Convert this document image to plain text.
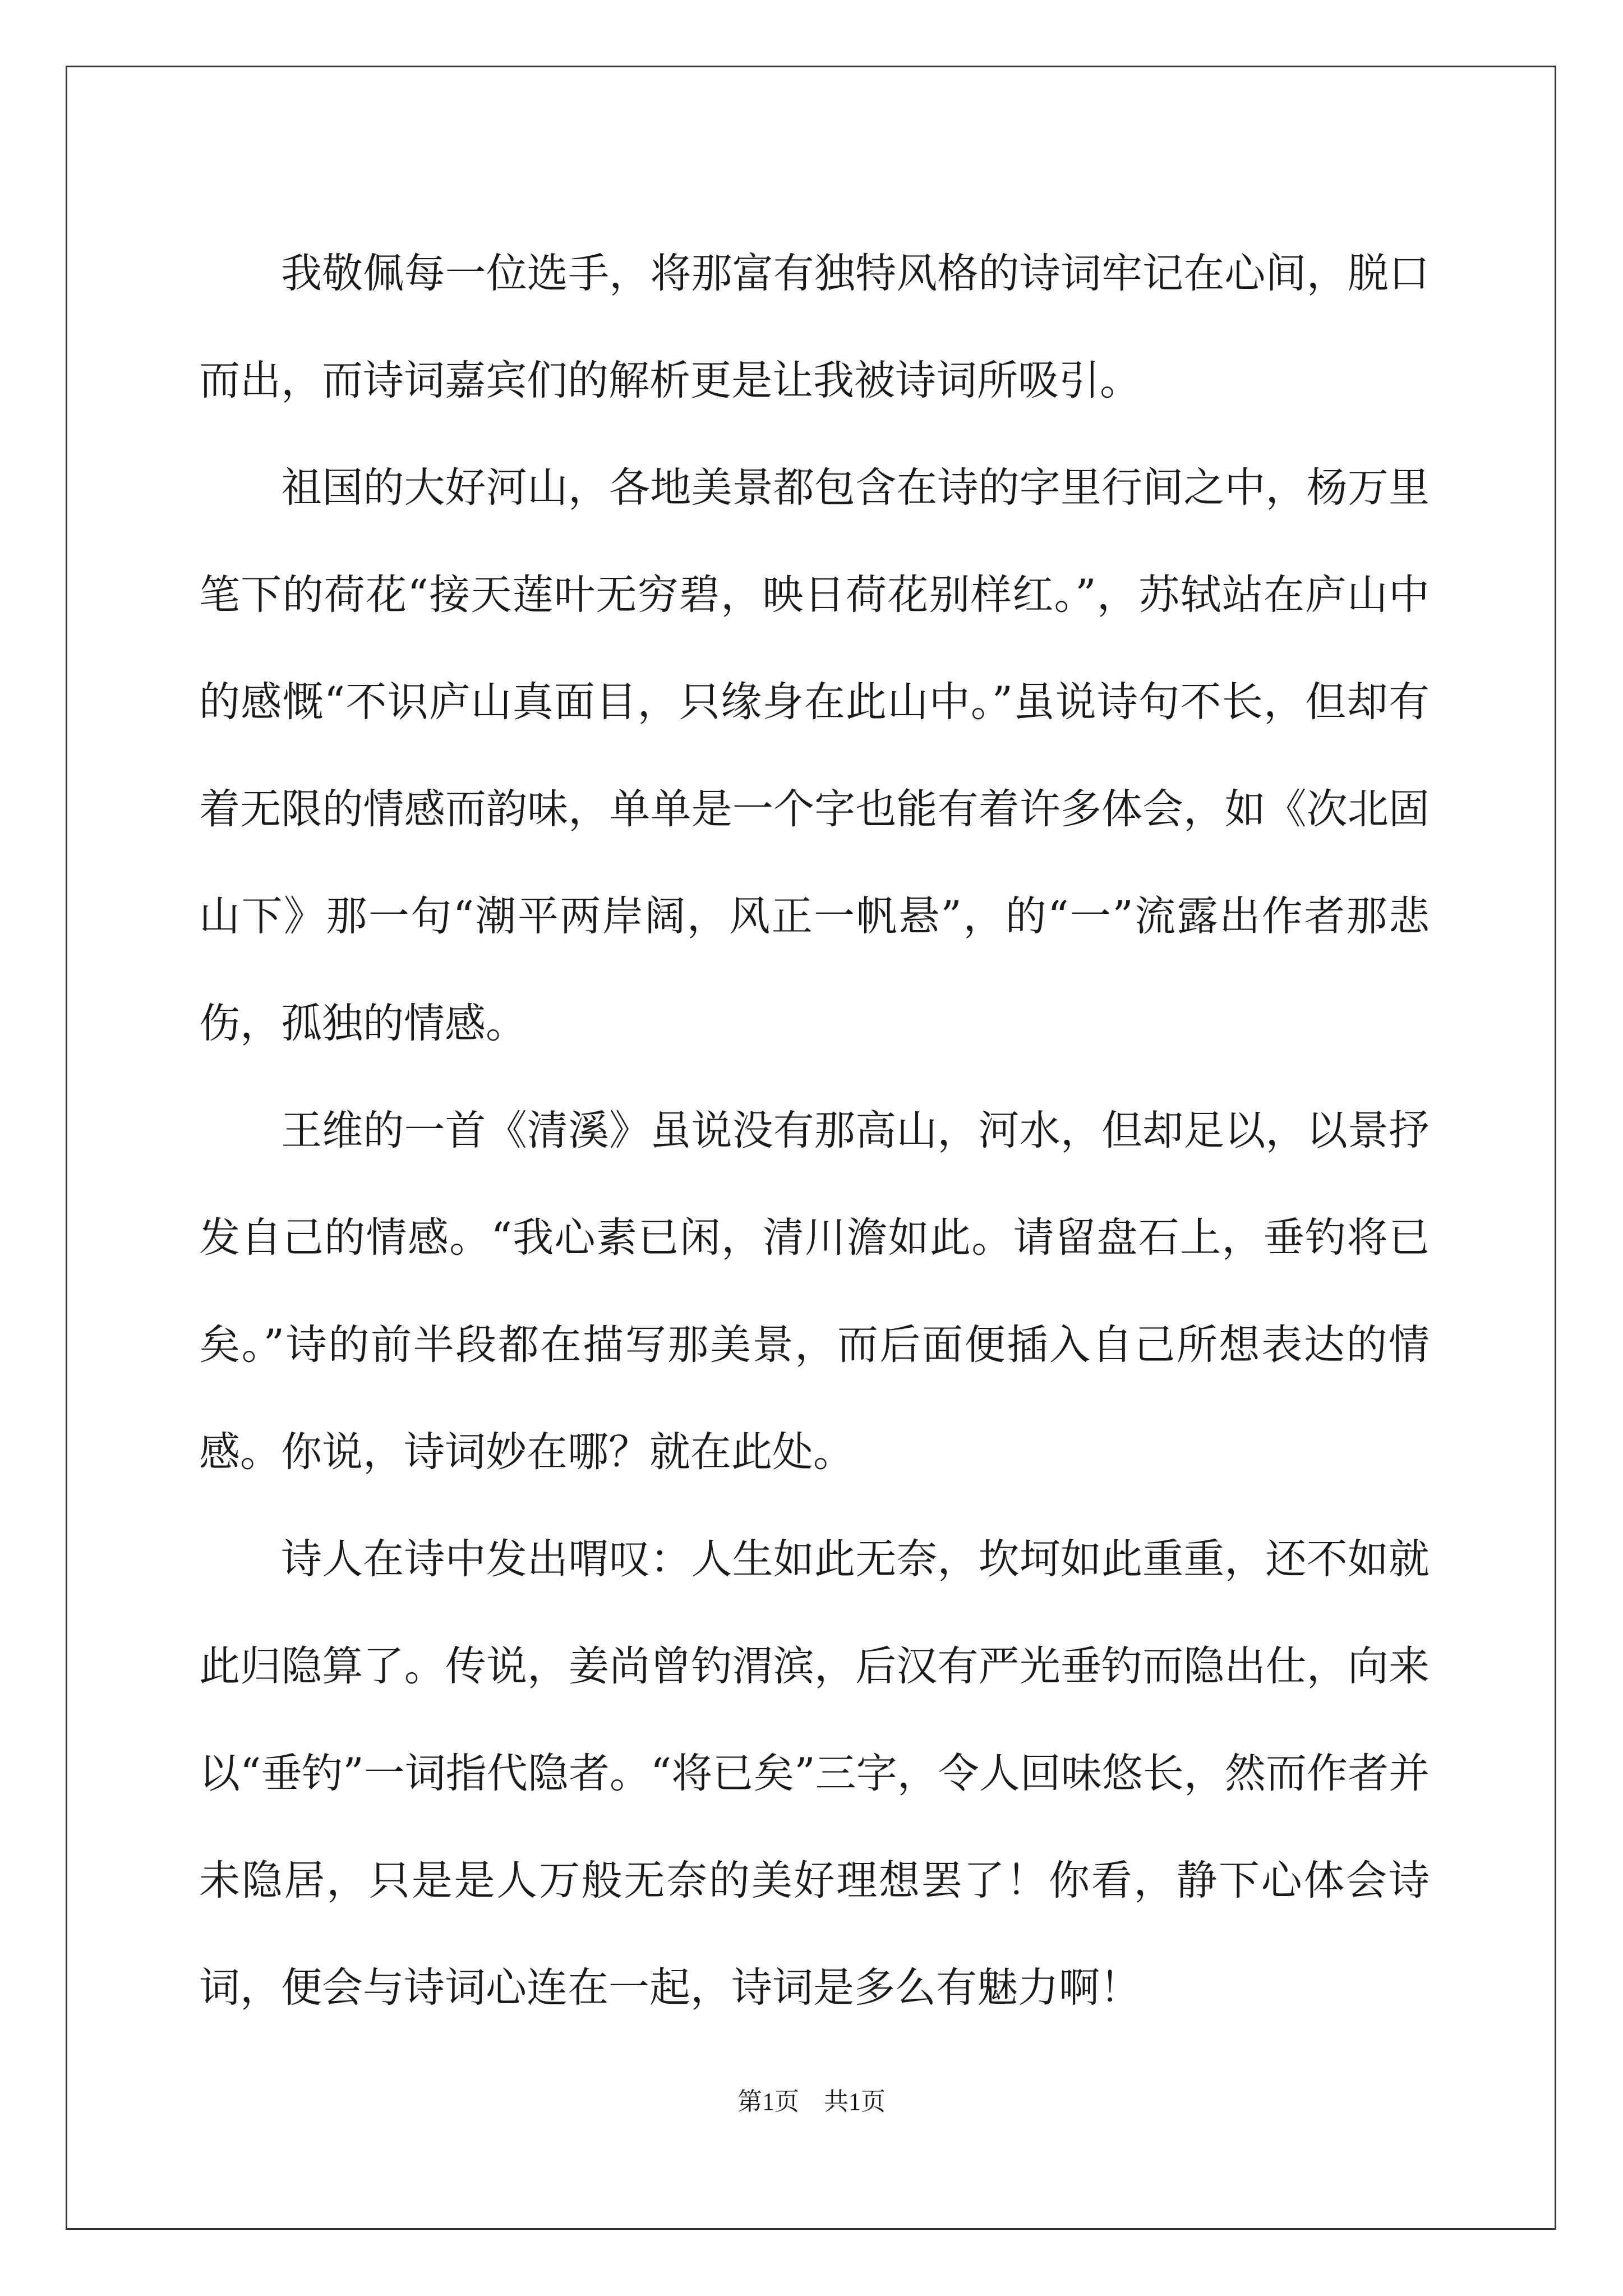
我敬佩每一位选手，将那富有独特风格的诗词牢记在心间，脱口而出，而诗词嘉宾们的解析更是让我被诗词所吸引。

祖国的大好河山，各地美景都包含在诗的字里行间之中，杨万里笔下的荷花“接天莲叶无穷碧，映日荷花别样红。”，苏轼站在庐山中的感慨“不识庐山真面目，只缘身在此山中。”虽说诗句不长，但却有着无限的情感而韵味，单单是一个字也能有着许多体会，如《次北固山下》那一句“潮平两岸阔，风正一帆悬”，的“一”流露出作者那悲伤，孤独的情感。

王维的一首《清溪》虽说没有那高山，河水，但却足以，以景抒发自己的情感。“我心素已闲，清川澹如此。请留盘石上，垂钓将已矣。”诗的前半段都在描写那美景，而后面便插入自己所想表达的情感。你说，诗词妙在哪？就在此处。

诗人在诗中发出喟叹：人生如此无奈，坎坷如此重重，还不如就此归隐算了。传说，姜尚曾钓渭滨，后汉有严光垂钓而隐出仕，向来以“垂钓”一词指代隐者。“将已矣”三字，令人回味悠长，然而作者并未隐居，只是是人万般无奈的美好理想罢了！你看，静下心体会诗词，便会与诗词心连在一起，诗词是多么有魅力啊！

第1页　共1页
